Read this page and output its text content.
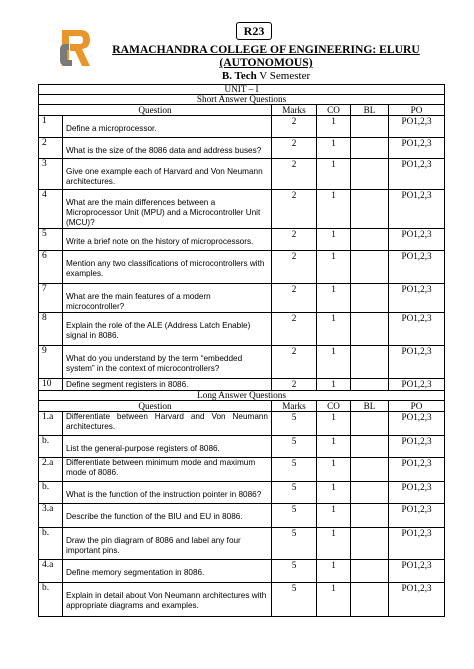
R23
RAMACHANDRA COLLEGE OF ENGINEERING: ELURU (AUTONOMOUS)
B. Tech V Semester
UNIT – I					
Short Answer Questions					
Question		Marks	CO	BL	PO
1	Define a microprocessor.	2	1		PO1,2,3
2	What is the size of the 8086 data and address buses?	2	1		PO1,2,3
3	Give one example each of Harvard and Von Neumann architectures.	2	1		PO1,2,3
4	What are the main differences between a Microprocessor Unit (MPU) and a Microcontroller Unit (MCU)?	2	1		PO1,2,3
5	Write a brief note on the history of microprocessors.	2	1		PO1,2,3
6	Mention any two classifications of microcontrollers with examples.	2	1		PO1,2,3
7	What are the main features of a modern microcontroller?	2	1		PO1,2,3
8	Explain the role of the ALE (Address Latch Enable) signal in 8086.	2	1		PO1,2,3
9	What do you understand by the term “embedded system” in the context of microcontrollers?	2	1		PO1,2,3
10	Define segment registers in 8086.	2	1		PO1,2,3
Long Answer Questions					
Question		Marks	CO	BL	PO
1.a	Differentiate between Harvard and Von Neumann architectures.	5	1		PO1,2,3
b.	List the general-purpose registers of 8086.	5	1		PO1,2,3
2.a	Differentiate between minimum mode and maximum mode of 8086.	5	1		PO1,2,3
b.	What is the function of the instruction pointer in 8086?	5	1		PO1,2,3
3.a	Describe the function of the BIU and EU in 8086.	5	1		PO1,2,3
b.	Draw the pin diagram of 8086 and label any four important pins.	5	1		PO1,2,3
4.a	Define memory segmentation in 8086.	5	1		PO1,2,3
b.	Explain in detail about Von Neumann architectures with appropriate diagrams and examples.	5	1		PO1,2,3
